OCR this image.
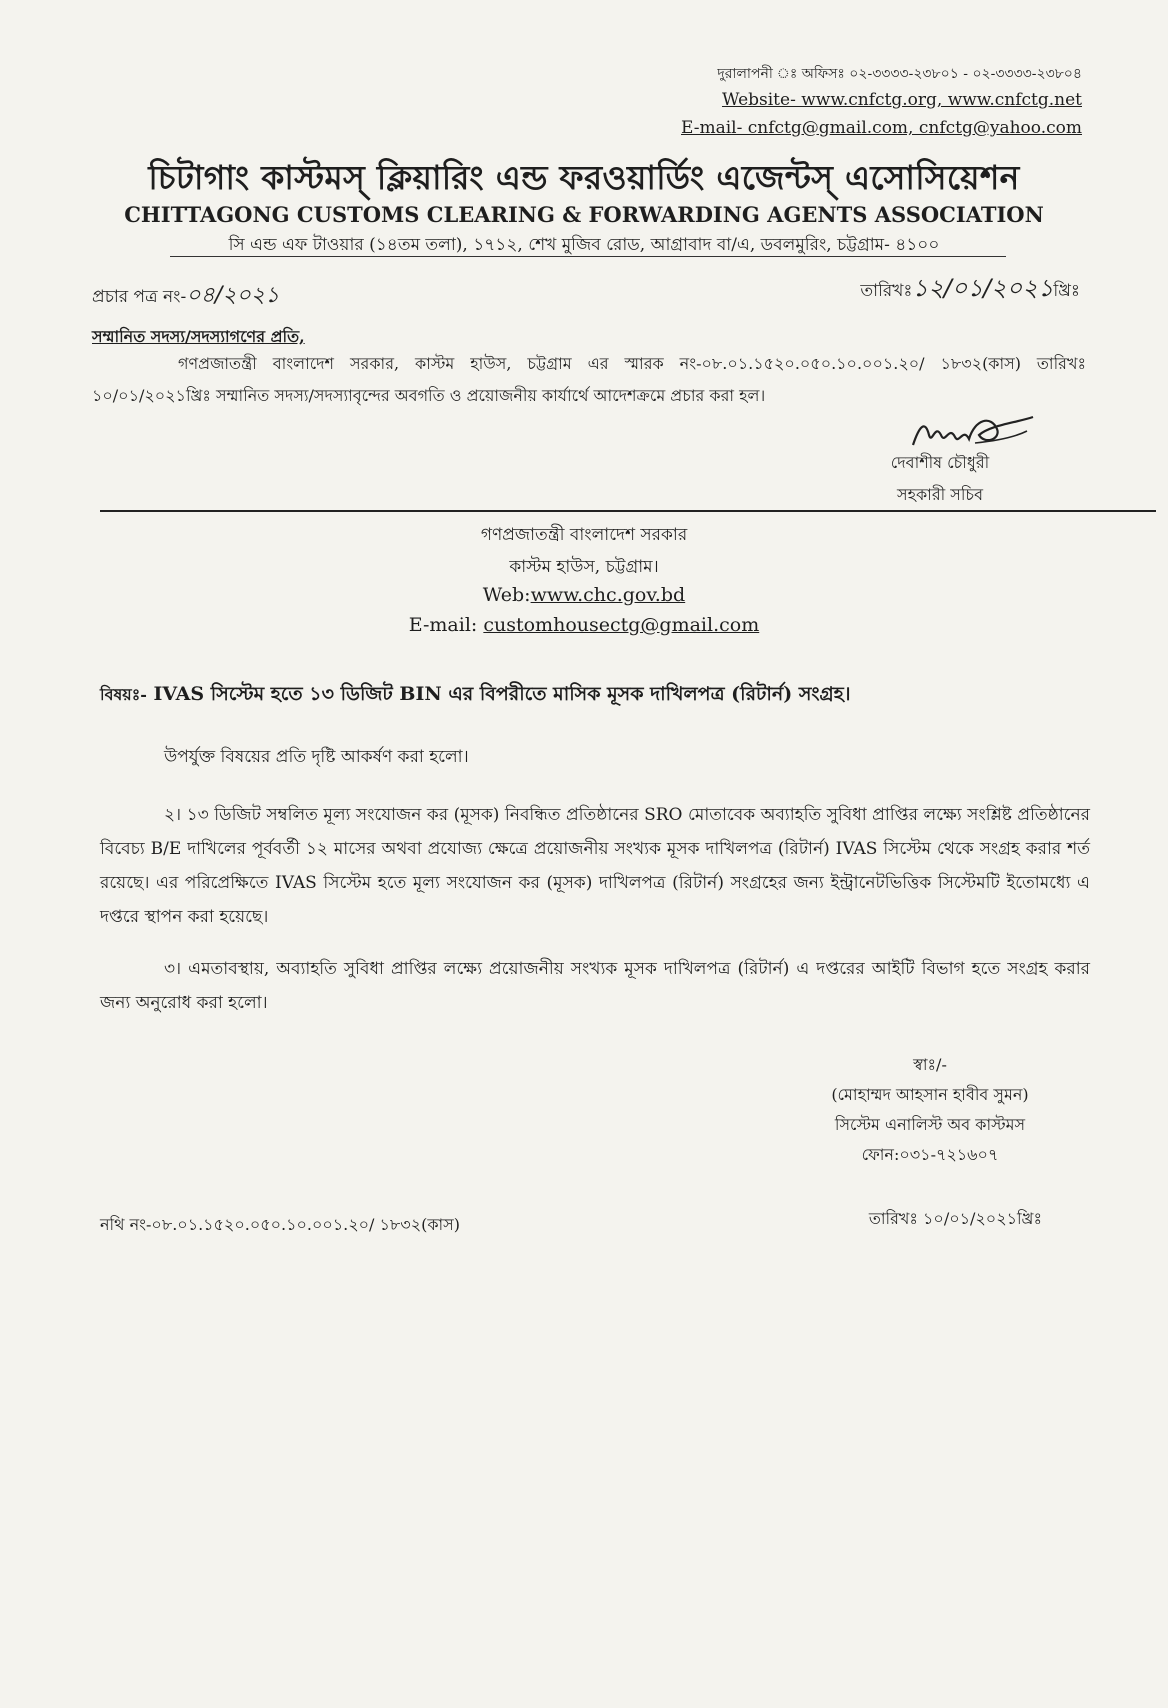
দুরালাপনী ঃ অফিসঃ ০২-৩৩৩৩-২৩৮০১ - ০২-৩৩৩৩-২৩৮০৪
Website- www.cnfctg.org, www.cnfctg.net
E-mail- cnfctg@gmail.com, cnfctg@yahoo.com
চিটাগাং কাস্টমস্ ক্লিয়ারিং এন্ড ফরওয়ার্ডিং এজেন্টস্ এসোসিয়েশন
CHITTAGONG CUSTOMS CLEARING & FORWARDING AGENTS ASSOCIATION
সি এন্ড এফ টাওয়ার (১৪তম তলা), ১৭১২, শেখ মুজিব রোড, আগ্রাবাদ বা/এ, ডবলমুরিং, চট্টগ্রাম- ৪১০০
প্রচার পত্র নং-০৪/২০২১	তারিখঃ১২/০১/২০২১খ্রিঃ
সম্মানিত সদস্য/সদস্যাগণের প্রতি,
গণপ্রজাতন্ত্রী বাংলাদেশ সরকার, কাস্টম হাউস, চট্টগ্রাম এর স্মারক নং-০৮.০১.১৫২০.০৫০.১০.০০১.২০/ ১৮৩২(কাস) তারিখঃ ১০/০১/২০২১খ্রিঃ সম্মানিত সদস্য/সদস্যাবৃন্দের অবগতি ও প্রয়োজনীয় কার্যার্থে আদেশক্রমে প্রচার করা হল।
দেবাশীষ চৌধুরী
সহকারী সচিব
গণপ্রজাতন্ত্রী বাংলাদেশ সরকার
কাস্টম হাউস, চট্টগ্রাম।
Web:www.chc.gov.bd
E-mail: customhousectg@gmail.com
বিষয়ঃ- IVAS সিস্টেম হতে ১৩ ডিজিট BIN এর বিপরীতে মাসিক মূসক দাখিলপত্র (রিটার্ন) সংগ্রহ।
উপর্যুক্ত বিষয়ের প্রতি দৃষ্টি আকর্ষণ করা হলো।
২। ১৩ ডিজিট সম্বলিত মূল্য সংযোজন কর (মূসক) নিবন্ধিত প্রতিষ্ঠানের SRO মোতাবেক অব্যাহতি সুবিধা প্রাপ্তির লক্ষ্যে সংশ্লিষ্ট প্রতিষ্ঠানের বিবেচ্য B/E দাখিলের পূর্ববর্তী ১২ মাসের অথবা প্রযোজ্য ক্ষেত্রে প্রয়োজনীয় সংখ্যক মূসক দাখিলপত্র (রিটার্ন) IVAS সিস্টেম থেকে সংগ্রহ করার শর্ত রয়েছে। এর পরিপ্রেক্ষিতে IVAS সিস্টেম হতে মূল্য সংযোজন কর (মূসক) দাখিলপত্র (রিটার্ন) সংগ্রহের জন্য ইন্ট্রানেটভিত্তিক সিস্টেমটি ইতোমধ্যে এ দপ্তরে স্থাপন করা হয়েছে।
৩। এমতাবস্থায়, অব্যাহতি সুবিধা প্রাপ্তির লক্ষ্যে প্রয়োজনীয় সংখ্যক মূসক দাখিলপত্র (রিটার্ন) এ দপ্তরের আইটি বিভাগ হতে সংগ্রহ করার জন্য অনুরোধ করা হলো।
স্বাঃ/-
(মোহাম্মদ আহসান হাবীব সুমন)
সিস্টেম এনালিস্ট অব কাস্টমস
ফোন:০৩১-৭২১৬০৭
নথি নং-০৮.০১.১৫২০.০৫০.১০.০০১.২০/ ১৮৩২(কাস)	তারিখঃ ১০/০১/২০২১খ্রিঃ
